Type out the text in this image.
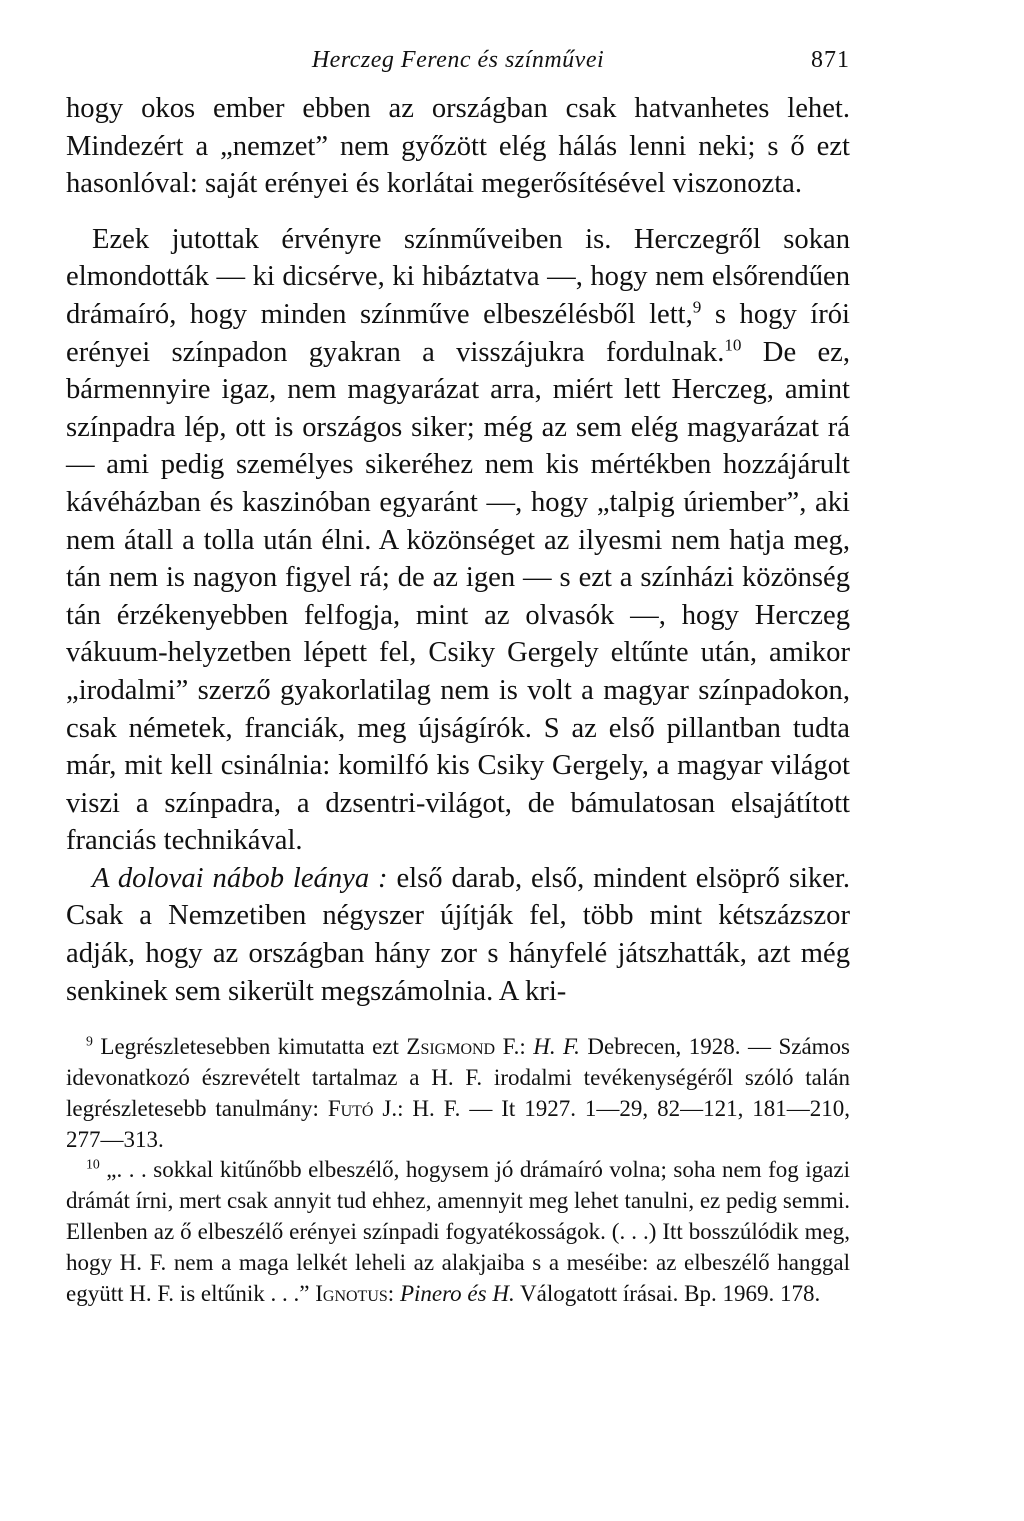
Herczeg Ferenc és színművei	871

hogy okos ember ebben az országban csak hatvanhetes lehet. Mindezért a „nemzet” nem győzött elég hálás lenni neki; s ő ezt hasonlóval: saját erényei és korlátai megerősítésével viszonozta.

Ezek jutottak érvényre színműveiben is. Herczegről sokan elmondották — ki dicsérve, ki hibáztatva —, hogy nem elsőrendűen drámaíró, hogy minden színműve elbeszélésből lett,$^9$ s hogy írói erényei színpadon gyakran a visszájukra fordulnak.$^{10}$ De ez, bármennyire igaz, nem magyarázat arra, miért lett Herczeg, amint színpadra lép, ott is országos siker; még az sem elég magyarázat rá — ami pedig személyes sikeréhez nem kis mértékben hozzájárult kávéházban és kaszinóban egyaránt —, hogy „talpig úriember”, aki nem átall a tolla után élni. A közönséget az ilyesmi nem hatja meg, tán nem is nagyon figyel rá; de az igen — s ezt a színházi közönség tán érzékenyebben felfogja, mint az olvasók —, hogy Herczeg vákuum-helyzetben lépett fel, Csiky Gergely eltűnte után, amikor „irodalmi” szerző gyakorlatilag nem is volt a magyar színpadokon, csak németek, franciák, meg újságírók. S az első pillantban tudta már, mit kell csinálnia: komilfó kis Csiky Gergely, a magyar világot viszi a színpadra, a dzsentri-világot, de bámulatosan elsajátított franciás technikával.

A dolovai nábob leánya : első darab, első, mindent elsöprő siker. Csak a Nemzetiben négyszer újítják fel, több mint kétszázszor adják, hogy az országban hány zor s hányfelé játszhatták, azt még senkinek sem sikerült megszámolnia. A kri-

$^9$ Legrészletesebben kimutatta ezt Zsigmond F.: H. F. Debrecen, 1928. — Számos idevonatkozó észrevételt tartalmaz a H. F. irodalmi tevékenységéről szóló talán legrészletesebb tanulmány: Futó J.: H. F. — It 1927. 1—29, 82—121, 181—210, 277—313.

$^{10}$ „. . . sokkal kitűnőbb elbeszélő, hogysem jó drámaíró volna; soha nem fog igazi drámát írni, mert csak annyit tud ehhez, amennyit meg lehet tanulni, ez pedig semmi. Ellenben az ő elbeszélő erényei színpadi fogyatékosságok. (. . .) Itt bosszúlódik meg, hogy H. F. nem a maga lelkét leheli az alakjaiba s a meséibe: az elbeszélő hanggal együtt H. F. is eltűnik . . .” Ignotus: Pinero és H. Válogatott írásai. Bp. 1969. 178.
